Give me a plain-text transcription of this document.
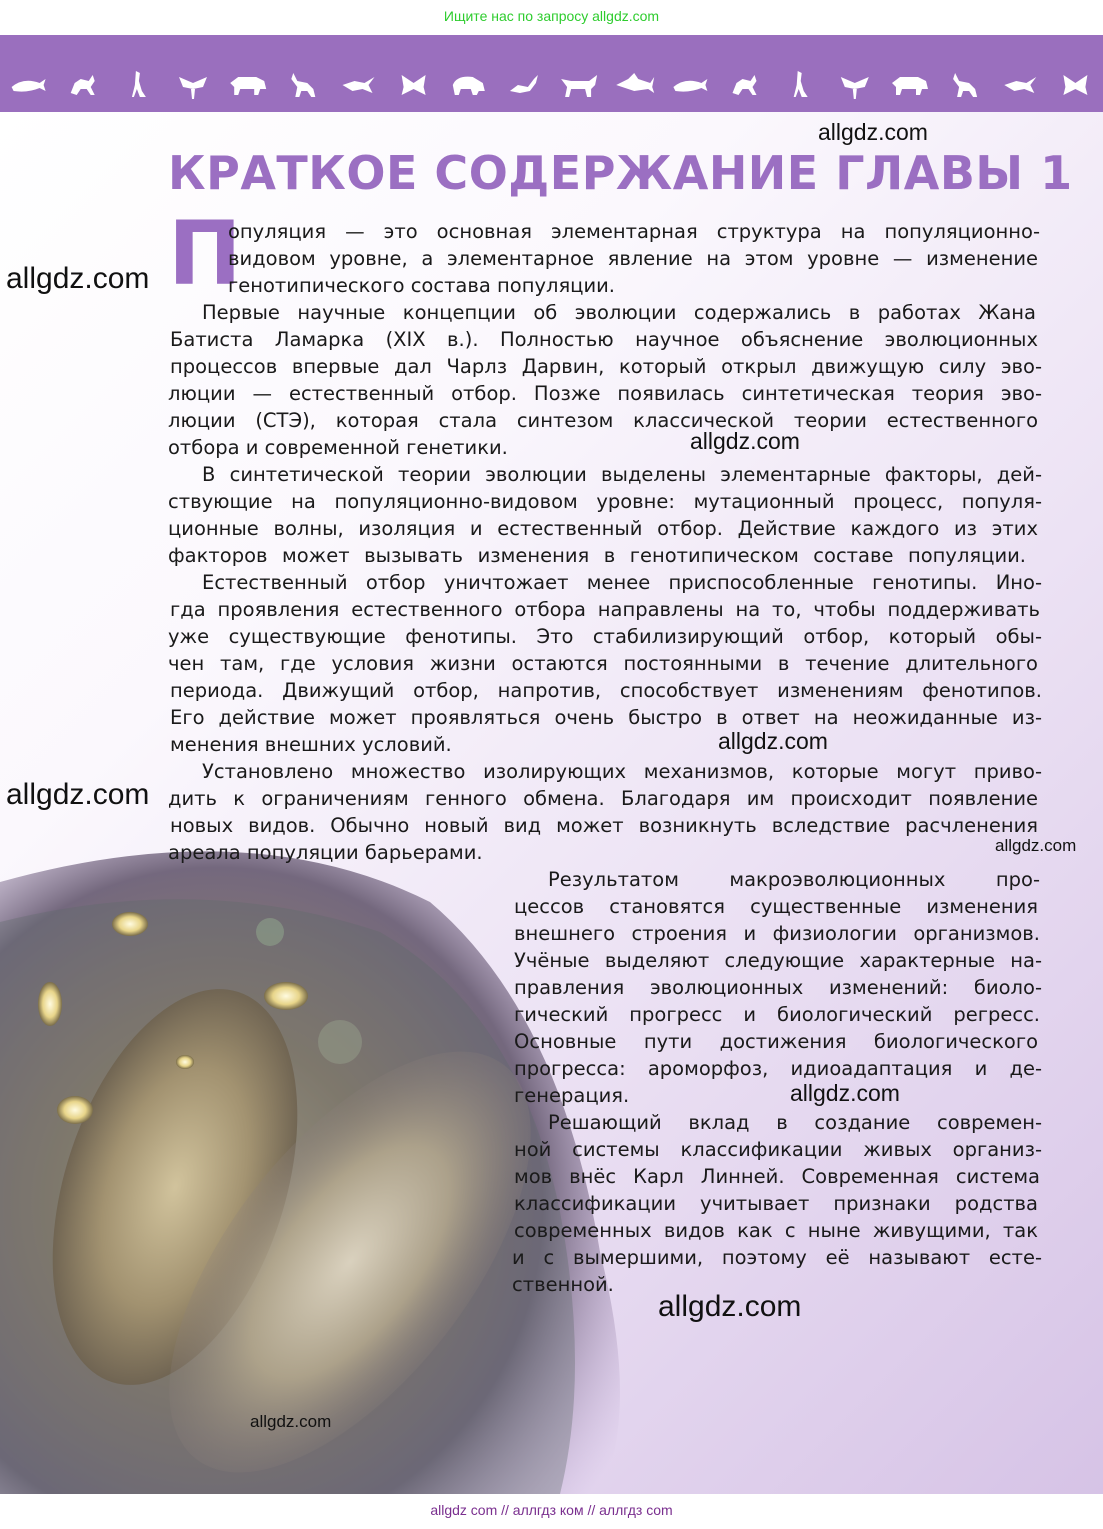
Ищите нас по запросу allgdz.com
КРАТКОЕ СОДЕРЖАНИЕ ГЛАВЫ 1
П
опуляция — это основная элементарная структура на популяционно-
видовом уровне, а элементарное явление на этом уровне — изменение
генотипического состава популяции.
Первые научные концепции об эволюции содержались в работах Жана
Батиста Ламарка (XIX в.). Полностью научное объяснение эволюционных
процессов впервые дал Чарлз Дарвин, который открыл движущую силу эво-
люции — естественный отбор. Позже появилась синтетическая теория эво-
люции (СТЭ), которая стала синтезом классической теории естественного
отбора и современной генетики.
В синтетической теории эволюции выделены элементарные факторы, дей-
ствующие на популяционно-видовом уровне: мутационный процесс, популя-
ционные волны, изоляция и естественный отбор. Действие каждого из этих
факторов может вызывать изменения в генотипическом составе популяции.
Естественный отбор уничтожает менее приспособленные генотипы. Ино-
гда проявления естественного отбора направлены на то, чтобы поддерживать
уже существующие фенотипы. Это стабилизирующий отбор, который обы-
чен там, где условия жизни остаются постоянными в течение длительного
периода. Движущий отбор, напротив, способствует изменениям фенотипов.
Его действие может проявляться очень быстро в ответ на неожиданные из-
менения внешних условий.
Установлено множество изолирующих механизмов, которые могут приво-
дить к ограничениям генного обмена. Благодаря им происходит появление
новых видов. Обычно новый вид может возникнуть вследствие расчленения
ареала популяции барьерами.
Результатом макроэволюционных про-
цессов становятся существенные изменения
внешнего строения и физиологии организмов.
Учёные выделяют следующие характерные на-
правления эволюционных изменений: биоло-
гический прогресс и биологический регресс.
Основные пути достижения биологического
прогресса: ароморфоз, идиоадаптация и де-
генерация.
Решающий вклад в создание современ-
ной системы классификации живых организ-
мов внёс Карл Линней. Современная система
классификации учитывает признаки родства
современных видов как с ныне живущими, так
и с вымершими, поэтому её называют есте-
ственной.
allgdz.com
allgdz.com
allgdz.com
allgdz.com
allgdz.com
allgdz.com
allgdz.com
allgdz.com
allgdz.com
allgdz com // аллгдз ком // аллгдз com
